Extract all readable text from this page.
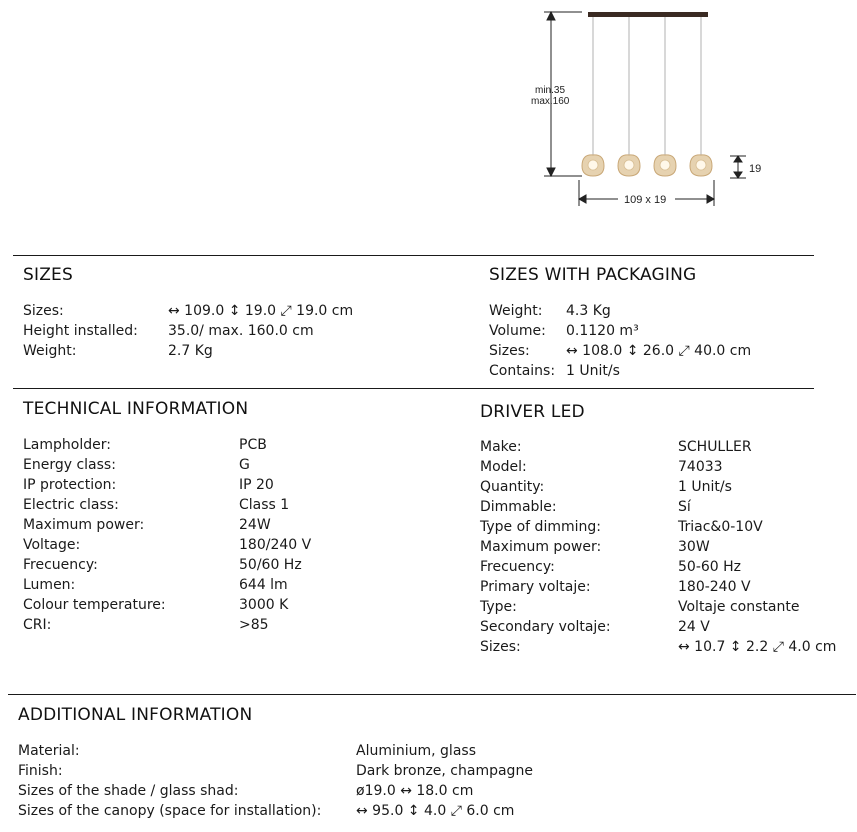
min.35
max.160
19
109 x 19
SIZES
Sizes:	↔ 109.0 ↕ 19.0 ⤢ 19.0 cm
Height installed: 35.0/ max. 160.0 cm
Weight:	2.7 Kg
SIZES WITH PACKAGING
Weight: 4.3 Kg
Volume: 0.1120 m³
Sizes:	↔ 108.0 ↕ 26.0 ⤢ 40.0 cm
Contains: 1 Unit/s
TECHNICAL INFORMATION
Lampholder:	PCB
Energy class:	G
IP protection:	IP 20
Electric class:	Class 1
Maximum power:	24W
Voltage:	180/240 V
Frecuency:	50/60 Hz
Lumen:	644 lm
Colour temperature:	3000 K
CRI:	>85
DRIVER LED
Make:	SCHULLER
Model:	74033
Quantity:	1 Unit/s
Dimmable:	Sí
Type of dimming:	Triac&0-10V
Maximum power:	30W
Frecuency:	50-60 Hz
Primary voltaje:	180-240 V
Type:	Voltaje constante
Secondary voltaje:	24 V
Sizes:	↔ 10.7 ↕ 2.2 ⤢ 4.0 cm
ADDITIONAL INFORMATION
Material:	Aluminium, glass
Finish:	Dark bronze, champagne
Sizes of the shade / glass shad:	ø19.0 ↔ 18.0 cm
Sizes of the canopy (space for installation): ↔ 95.0 ↕ 4.0 ⤢ 6.0 cm
